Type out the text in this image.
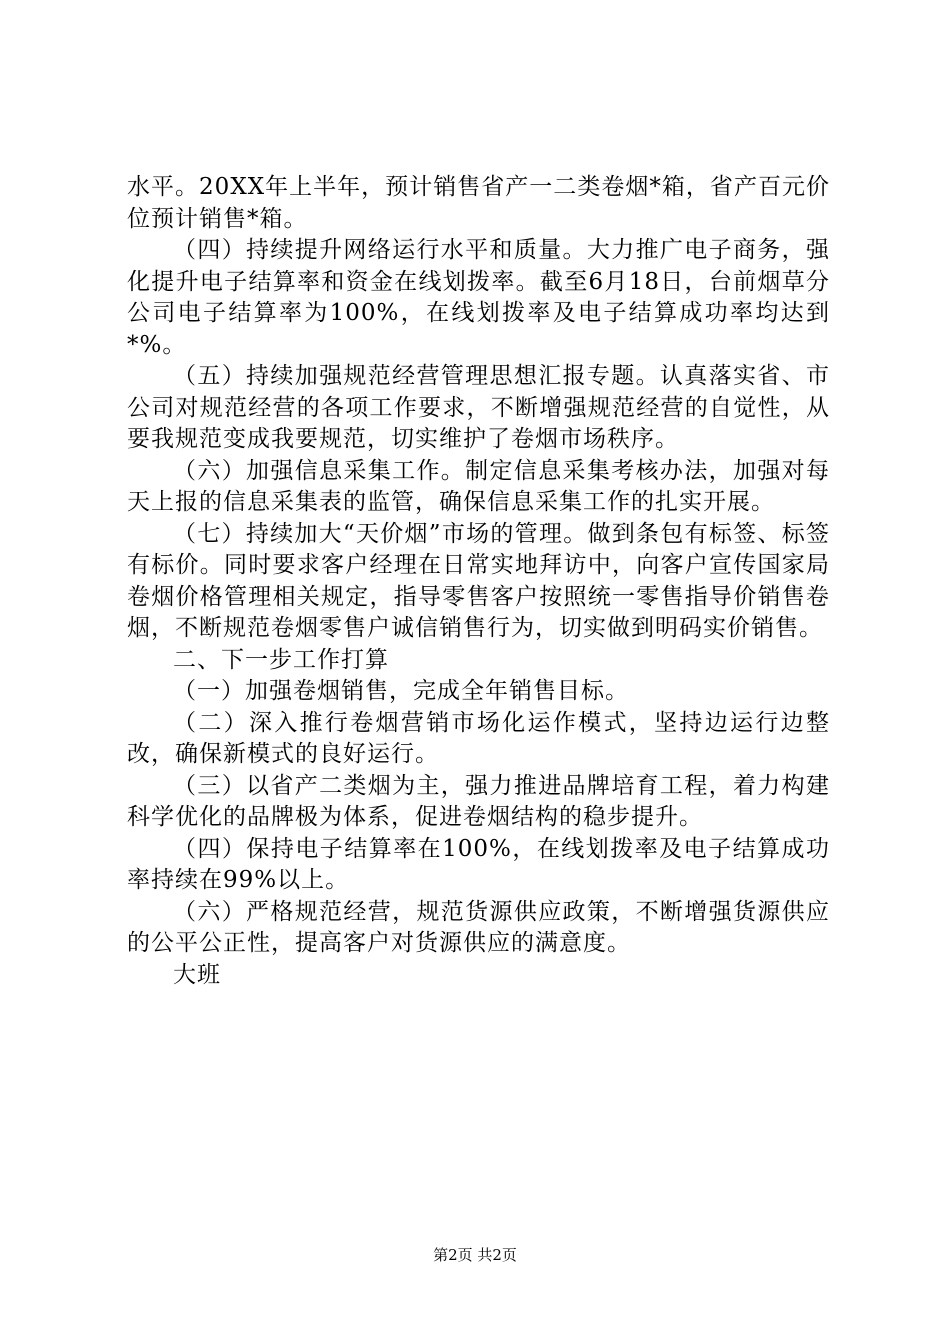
水平。20XX年上半年，预计销售省产一二类卷烟*箱，省产百元价位预计销售*箱。

（四）持续提升网络运行水平和质量。大力推广电子商务，强化提升电子结算率和资金在线划拨率。截至6月18日，台前烟草分公司电子结算率为100%，在线划拨率及电子结算成功率均达到*%。

（五）持续加强规范经营管理思想汇报专题。认真落实省、市公司对规范经营的各项工作要求，不断增强规范经营的自觉性，从要我规范变成我要规范，切实维护了卷烟市场秩序。

（六）加强信息采集工作。制定信息采集考核办法，加强对每天上报的信息采集表的监管，确保信息采集工作的扎实开展。

（七）持续加大“天价烟”市场的管理。做到条包有标签、标签有标价。同时要求客户经理在日常实地拜访中，向客户宣传国家局卷烟价格管理相关规定，指导零售客户按照统一零售指导价销售卷烟，不断规范卷烟零售户诚信销售行为，切实做到明码实价销售。

二、下一步工作打算

（一）加强卷烟销售，完成全年销售目标。

（二）深入推行卷烟营销市场化运作模式，坚持边运行边整改，确保新模式的良好运行。

（三）以省产二类烟为主，强力推进品牌培育工程，着力构建科学优化的品牌极为体系，促进卷烟结构的稳步提升。

（四）保持电子结算率在100%，在线划拨率及电子结算成功率持续在99%以上。

（六）严格规范经营，规范货源供应政策，不断增强货源供应的公平公正性，提高客户对货源供应的满意度。

大班

第2页 共2页
